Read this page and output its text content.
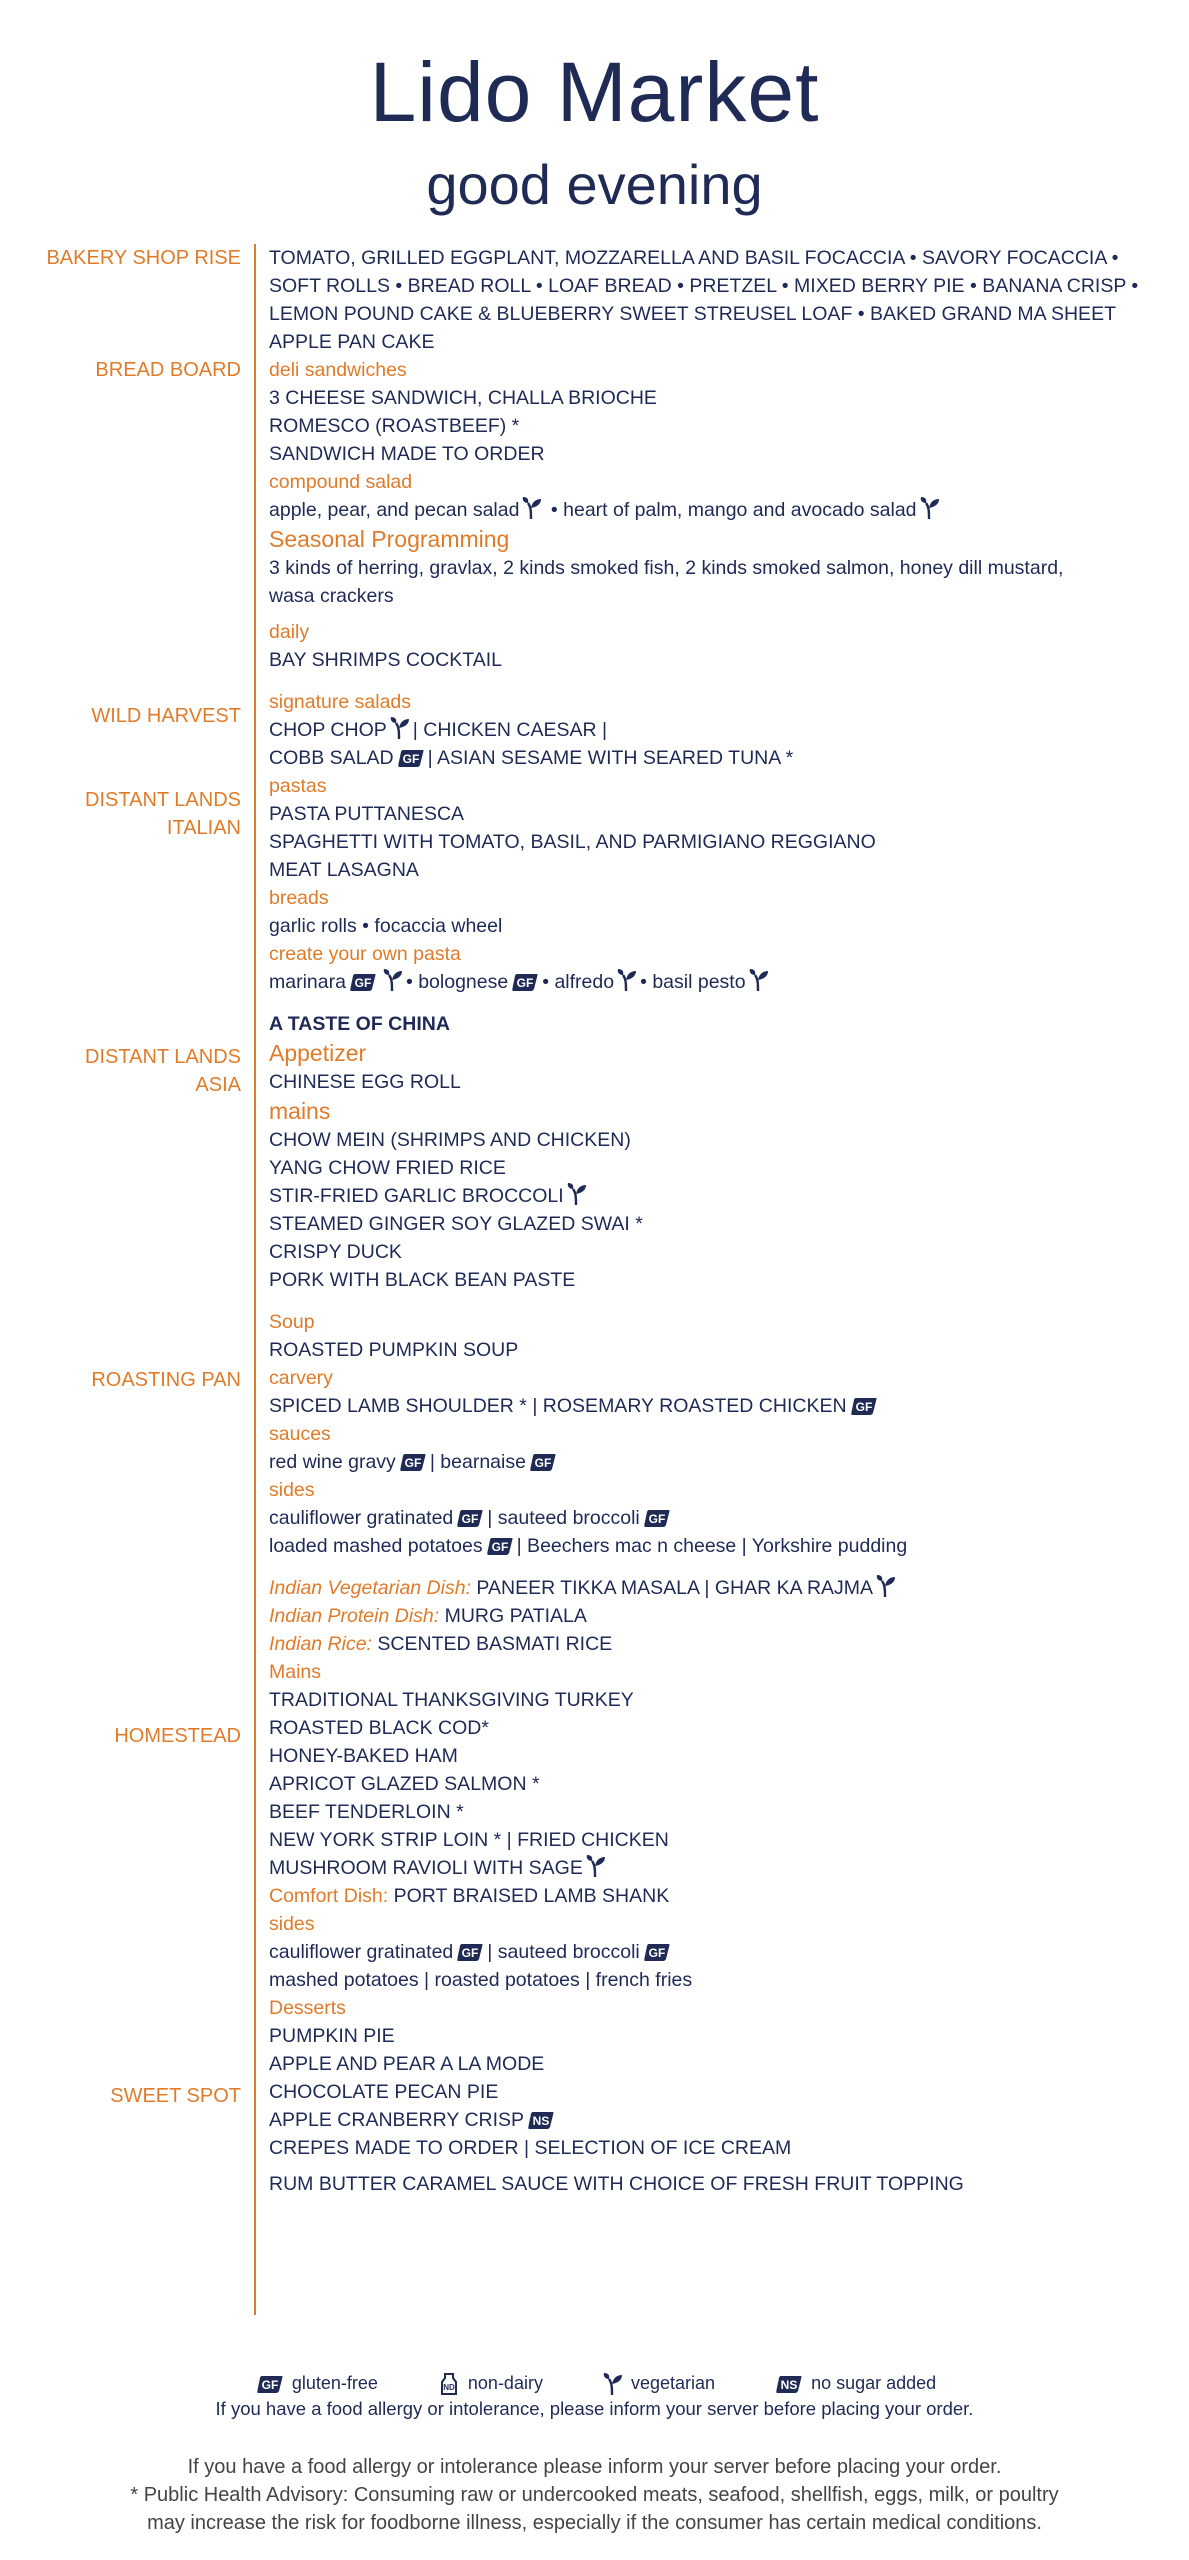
Lido Market
good evening
BAKERY SHOP RISE
BREAD BOARD
WILD HARVEST
DISTANT LANDS
ITALIAN
DISTANT LANDS
ASIA
ROASTING PAN
HOMESTEAD
SWEET SPOT
TOMATO, GRILLED EGGPLANT, MOZZARELLA AND BASIL FOCACCIA • SAVORY FOCACCIA •
SOFT ROLLS • BREAD ROLL • LOAF BREAD • PRETZEL • MIXED BERRY PIE • BANANA CRISP •
LEMON POUND CAKE & BLUEBERRY SWEET STREUSEL LOAF • BAKED GRAND MA SHEET
APPLE PAN CAKE
deli sandwiches
3 CHEESE SANDWICH, CHALLA BRIOCHE
ROMESCO (ROASTBEEF) *
SANDWICH MADE TO ORDER
compound salad
apple, pear, and pecan salad • heart of palm, mango and avocado salad
Seasonal Programming
3 kinds of herring, gravlax, 2 kinds smoked fish, 2 kinds smoked salmon, honey dill mustard,
wasa crackers
daily
BAY SHRIMPS COCKTAIL
signature salads
CHOP CHOP | CHICKEN CAESAR |
COBB SALAD | ASIAN SESAME WITH SEARED TUNA *
pastas
PASTA PUTTANESCA
SPAGHETTI WITH TOMATO, BASIL, AND PARMIGIANO REGGIANO
MEAT LASAGNA
breads
garlic rolls • focaccia wheel
create your own pasta
marinara	• bolognese • alfredo • basil pesto
A TASTE OF CHINA
Appetizer
CHINESE EGG ROLL
mains
CHOW MEIN (SHRIMPS AND CHICKEN)
YANG CHOW FRIED RICE
STIR-FRIED GARLIC BROCCOLI
STEAMED GINGER SOY GLAZED SWAI *
CRISPY DUCK
PORK WITH BLACK BEAN PASTE
Soup
ROASTED PUMPKIN SOUP
carvery
SPICED LAMB SHOULDER * | ROSEMARY ROASTED CHICKEN
sauces
red wine gravy | bearnaise
sides
cauliflower gratinated | sauteed broccoli
loaded mashed potatoes | Beechers mac n cheese | Yorkshire pudding
Indian Vegetarian Dish: PANEER TIKKA MASALA | GHAR KA RAJMA
Indian Protein Dish: MURG PATIALA
Indian Rice: SCENTED BASMATI RICE
Mains
TRADITIONAL THANKSGIVING TURKEY
ROASTED BLACK COD*
HONEY-BAKED HAM
APRICOT GLAZED SALMON *
BEEF TENDERLOIN *
NEW YORK STRIP LOIN * | FRIED CHICKEN
MUSHROOM RAVIOLI WITH SAGE
Comfort Dish: PORT BRAISED LAMB SHANK
sides
cauliflower gratinated | sauteed broccoli
mashed potatoes | roasted potatoes | french fries
Desserts
PUMPKIN PIE
APPLE AND PEAR A LA MODE
CHOCOLATE PECAN PIE
APPLE CRANBERRY CRISP
CREPES MADE TO ORDER | SELECTION OF ICE CREAM
RUM BUTTER CARAMEL SAUCE WITH CHOICE OF FRESH FRUIT TOPPING
gluten-free	non-dairy	vegetarian	no sugar added
If you have a food allergy or intolerance, please inform your server before placing your order.
If you have a food allergy or intolerance please inform your server before placing your order.
* Public Health Advisory: Consuming raw or undercooked meats, seafood, shellfish, eggs, milk, or poultry
may increase the risk for foodborne illness, especially if the consumer has certain medical conditions.
